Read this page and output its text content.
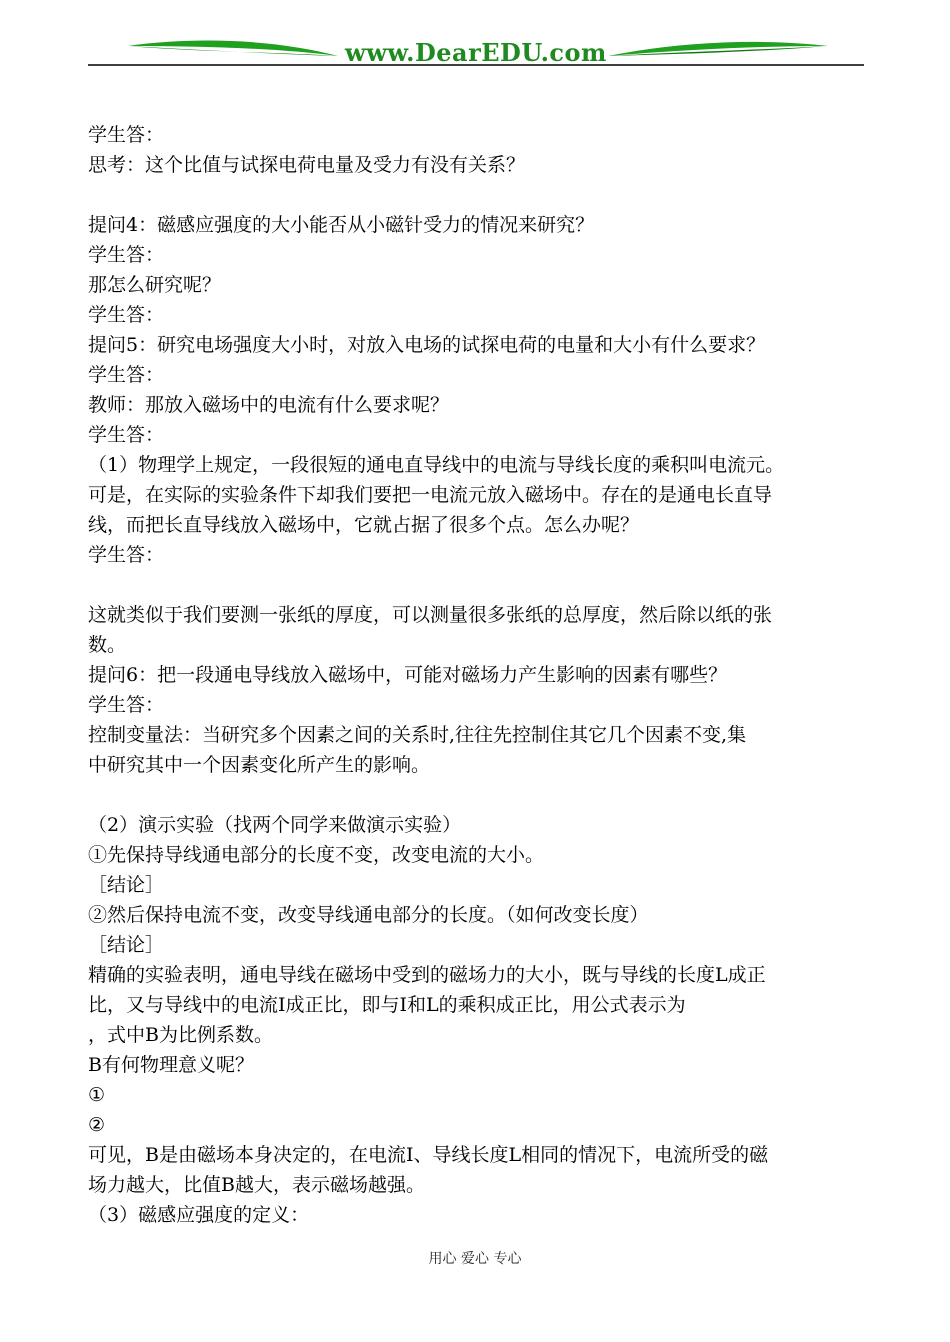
www.DearEDU.com
学生答：
思考：这个比值与试探电荷电量及受力有没有关系？
提问4：磁感应强度的大小能否从小磁针受力的情况来研究？
学生答：
那怎么研究呢？
学生答：
提问5：研究电场强度大小时，对放入电场的试探电荷的电量和大小有什么要求？
学生答：
教师：那放入磁场中的电流有什么要求呢？
学生答：
（1）物理学上规定，一段很短的通电直导线中的电流与导线长度的乘积叫电流元。
可是，在实际的实验条件下却我们要把一电流元放入磁场中。存在的是通电长直导
线，而把长直导线放入磁场中，它就占据了很多个点。怎么办呢？
学生答：
这就类似于我们要测一张纸的厚度，可以测量很多张纸的总厚度，然后除以纸的张
数。
提问6：把一段通电导线放入磁场中，可能对磁场力产生影响的因素有哪些？
学生答：
控制变量法：当研究多个因素之间的关系时,往往先控制住其它几个因素不变,集
中研究其中一个因素变化所产生的影响。
（2）演示实验（找两个同学来做演示实验）
①先保持导线通电部分的长度不变，改变电流的大小。
［结论］
②然后保持电流不变，改变导线通电部分的长度。（如何改变长度）
［结论］
精确的实验表明，通电导线在磁场中受到的磁场力的大小，既与导线的长度L成正
比，又与导线中的电流I成正比，即与I和L的乘积成正比，用公式表示为
，式中B为比例系数。
B有何物理意义呢？
①
②
可见，B是由磁场本身决定的，在电流I、导线长度L相同的情况下，电流所受的磁
场力越大，比值B越大，表示磁场越强。
（3）磁感应强度的定义：
用心 爱心 专心
